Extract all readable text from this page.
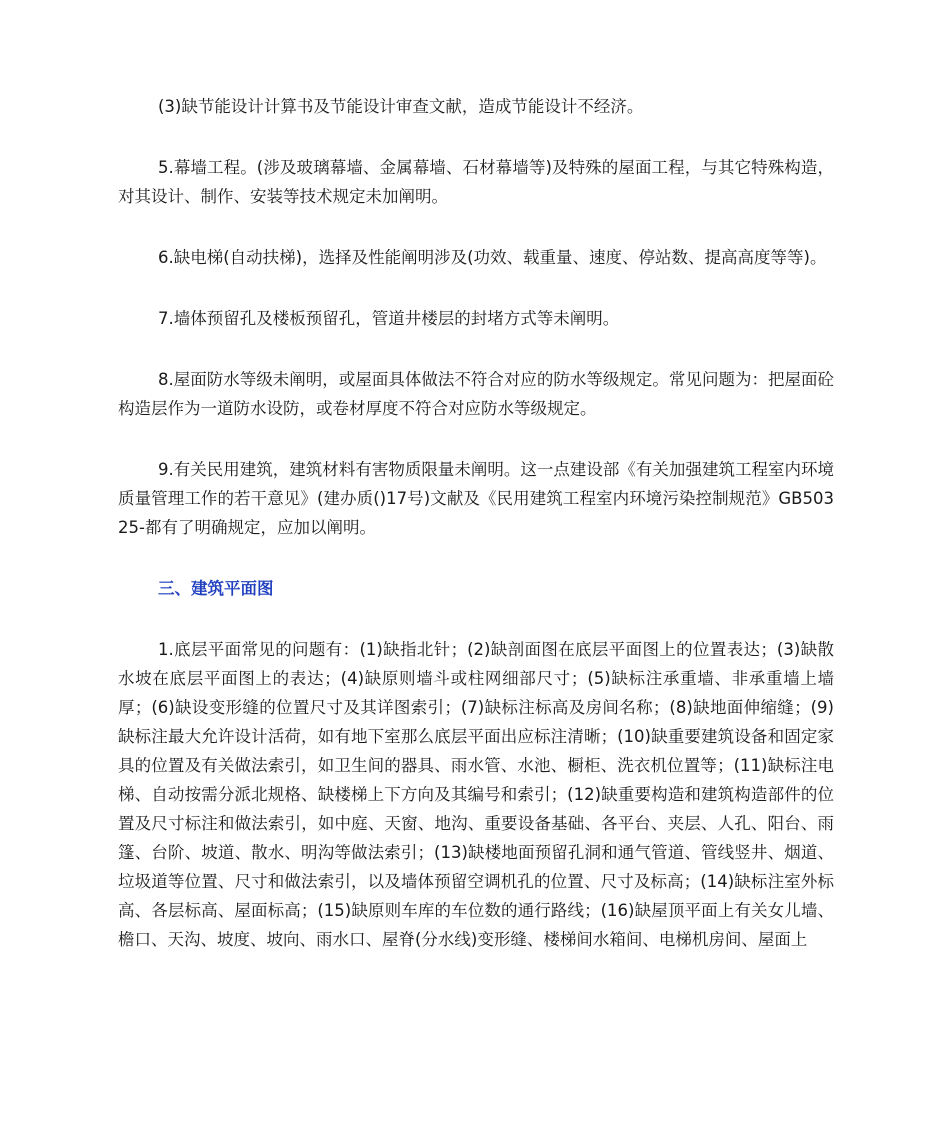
(3)缺节能设计计算书及节能设计审查文献，造成节能设计不经济。

5.幕墙工程。(涉及玻璃幕墙、金属幕墙、石材幕墙等)及特殊的屋面工程，与其它特殊构造，对其设计、制作、安装等技术规定未加阐明。

6.缺电梯(自动扶梯)，选择及性能阐明涉及(功效、载重量、速度、停站数、提高高度等等)。

7.墙体预留孔及楼板预留孔，管道井楼层的封堵方式等未阐明。

8.屋面防水等级未阐明，或屋面具体做法不符合对应的防水等级规定。常见问题为：把屋面砼构造层作为一道防水设防，或卷材厚度不符合对应防水等级规定。

9.有关民用建筑，建筑材料有害物质限量未阐明。这一点建设部《有关加强建筑工程室内环境质量管理工作的若干意见》(建办质()17号)文献及《民用建筑工程室内环境污染控制规范》GB50325-都有了明确规定，应加以阐明。

三、建筑平面图

1.底层平面常见的问题有：(1)缺指北针；(2)缺剖面图在底层平面图上的位置表达；(3)缺散水坡在底层平面图上的表达；(4)缺原则墙斗或柱网细部尺寸；(5)缺标注承重墙、非承重墙上墙厚；(6)缺设变形缝的位置尺寸及其详图索引；(7)缺标注标高及房间名称；(8)缺地面伸缩缝；(9)缺标注最大允许设计活荷，如有地下室那么底层平面出应标注清晰；(10)缺重要建筑设备和固定家具的位置及有关做法索引，如卫生间的器具、雨水管、水池、橱柜、洗衣机位置等；(11)缺标注电梯、自动按需分派北规格、缺楼梯上下方向及其编号和索引；(12)缺重要构造和建筑构造部件的位置及尺寸标注和做法索引，如中庭、天窗、地沟、重要设备基础、各平台、夹层、人孔、阳台、雨篷、台阶、坡道、散水、明沟等做法索引；(13)缺楼地面预留孔洞和通气管道、管线竖井、烟道、垃圾道等位置、尺寸和做法索引，以及墙体预留空调机孔的位置、尺寸及标高；(14)缺标注室外标高、各层标高、屋面标高；(15)缺原则车库的车位数的通行路线；(16)缺屋顶平面上有关女儿墙、檐口、天沟、坡度、坡向、雨水口、屋脊(分水线)变形缝、楼梯间水箱间、电梯机房间、屋面上
